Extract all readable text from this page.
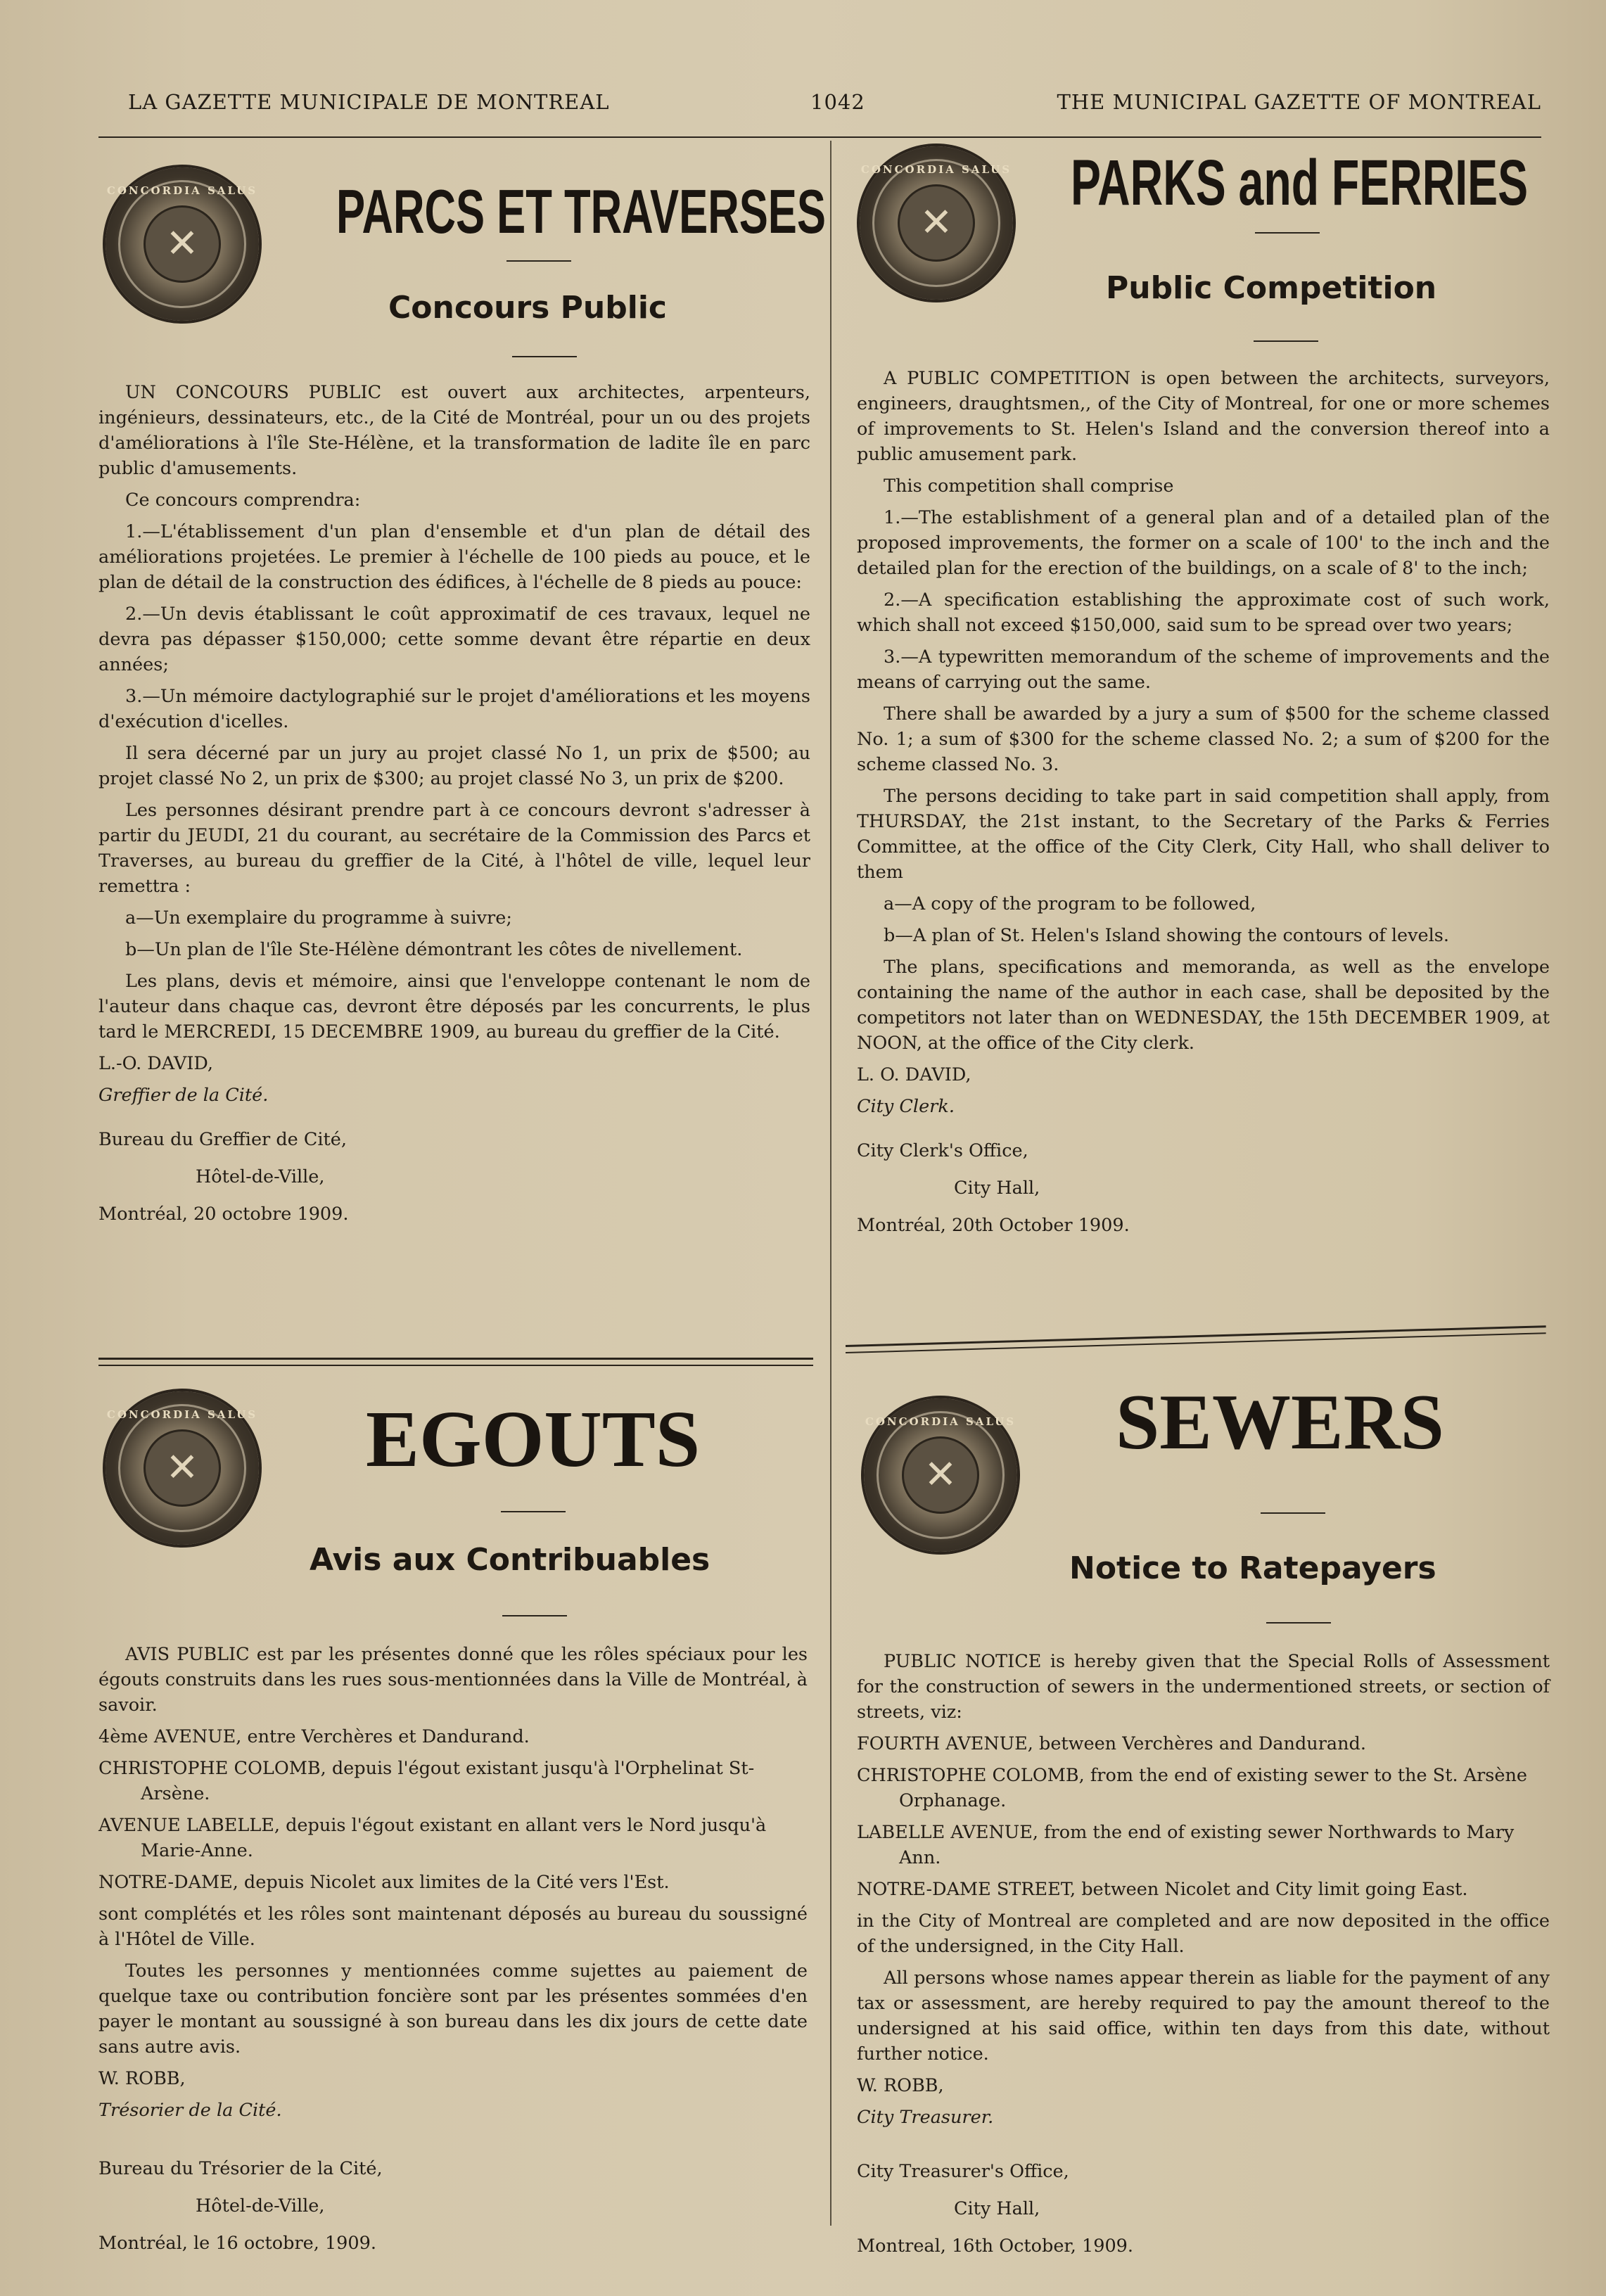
LA GAZETTE MUNICIPALE DE MONTREAL	1042	THE MUNICIPAL GAZETTE OF MONTREAL
CONCORDIA SALUS
✕	PARCS ET TRAVERSES
Concours Public

UN CONCOURS PUBLIC est ouvert aux architectes, arpenteurs, ingénieurs, dessinateurs, etc., de la Cité de Montréal, pour un ou des projets d'améliorations à l'île Ste-Hélène, et la transformation de ladite île en parc public d'amusements.

Ce concours comprendra:

1.—L'établissement d'un plan d'ensemble et d'un plan de détail des améliorations projetées. Le premier à l'échelle de 100 pieds au pouce, et le plan de détail de la construction des édifices, à l'échelle de 8 pieds au pouce:

2.—Un devis établissant le coût approximatif de ces travaux, lequel ne devra pas dépasser $150,000; cette somme devant être répartie en deux années;

3.—Un mémoire dactylographié sur le projet d'améliorations et les moyens d'exécution d'icelles.

Il sera décerné par un jury au projet classé No 1, un prix de $500; au projet classé No 2, un prix de $300; au projet classé No 3, un prix de $200.

Les personnes désirant prendre part à ce concours devront s'adresser à partir du JEUDI, 21 du courant, au secrétaire de la Commission des Parcs et Traverses, au bureau du greffier de la Cité, à l'hôtel de ville, lequel leur remettra :

a—Un exemplaire du programme à suivre;

b—Un plan de l'île Ste-Hélène démontrant les côtes de nivellement.

Les plans, devis et mémoire, ainsi que l'enveloppe contenant le nom de l'auteur dans chaque cas, devront être déposés par les concurrents, le plus tard le MERCREDI, 15 DECEMBRE 1909, au bureau du greffier de la Cité.

L.-O. DAVID,

Greffier de la Cité.

Bureau du Greffier de Cité,

Hôtel-de-Ville,

Montréal, 20 octobre 1909.

CONCORDIA SALUS
✕
PARKS and FERRIES
Public Competition

A PUBLIC COMPETITION is open between the architects, surveyors, engineers, draughtsmen,, of the City of Montreal, for one or more schemes of improvements to St. Helen's Island and the conversion thereof into a public amusement park.

This competition shall comprise

1.—The establishment of a general plan and of a detailed plan of the proposed improvements, the former on a scale of 100' to the inch and the detailed plan for the erection of the buildings, on a scale of 8' to the inch;

2.—A specification establishing the approximate cost of such work, which shall not exceed $150,000, said sum to be spread over two years;

3.—A typewritten memorandum of the scheme of improvements and the means of carrying out the same.

There shall be awarded by a jury a sum of $500 for the scheme classed No. 1; a sum of $300 for the scheme classed No. 2; a sum of $200 for the scheme classed No. 3.

The persons deciding to take part in said competition shall apply, from THURSDAY, the 21st instant, to the Secretary of the Parks & Ferries Committee, at the office of the City Clerk, City Hall, who shall deliver to them

a—A copy of the program to be followed,

b—A plan of St. Helen's Island showing the contours of levels.

The plans, specifications and memoranda, as well as the envelope containing the name of the author in each case, shall be deposited by the competitors not later than on WEDNESDAY, the 15th DECEMBER 1909, at NOON, at the office of the City clerk.

L. O. DAVID,

City Clerk.

City Clerk's Office,

City Hall,

Montréal, 20th October 1909.

CONCORDIA SALUS
✕ EGOUTS
Avis aux Contribuables

AVIS PUBLIC est par les présentes donné que les rôles spéciaux pour les égouts construits dans les rues sous-mentionnées dans la Ville de Montréal, à savoir.

4ème AVENUE, entre Verchères et Dandurand.

CHRISTOPHE COLOMB, depuis l'égout existant jusqu'à l'Orphelinat St-Arsène.

AVENUE LABELLE, depuis l'égout existant en allant vers le Nord jusqu'à Marie-Anne.

NOTRE-DAME, depuis Nicolet aux limites de la Cité vers l'Est.

sont complétés et les rôles sont maintenant déposés au bureau du soussigné à l'Hôtel de Ville.

Toutes les personnes y mentionnées comme sujettes au paiement de quelque taxe ou contribution foncière sont par les présentes sommées d'en payer le montant au soussigné à son bureau dans les dix jours de cette date sans autre avis.

W. ROBB,

Trésorier de la Cité.

Bureau du Trésorier de la Cité,

Hôtel-de-Ville,

Montréal, le 16 octobre, 1909.

CONCORDIA SALUS
✕
SEWERS
Notice to Ratepayers

PUBLIC NOTICE is hereby given that the Special Rolls of Assessment for the construction of sewers in the undermentioned streets, or section of streets, viz:

FOURTH AVENUE, between Verchères and Dandurand.

CHRISTOPHE COLOMB, from the end of existing sewer to the St. Arsène Orphanage.

LABELLE AVENUE, from the end of existing sewer Northwards to Mary Ann.

NOTRE-DAME STREET, between Nicolet and City limit going East.

in the City of Montreal are completed and are now deposited in the office of the undersigned, in the City Hall.

All persons whose names appear therein as liable for the payment of any tax or assessment, are hereby required to pay the amount thereof to the undersigned at his said office, within ten days from this date, without further notice.

W. ROBB,

City Treasurer.

City Treasurer's Office,

City Hall,

Montreal, 16th October, 1909.
